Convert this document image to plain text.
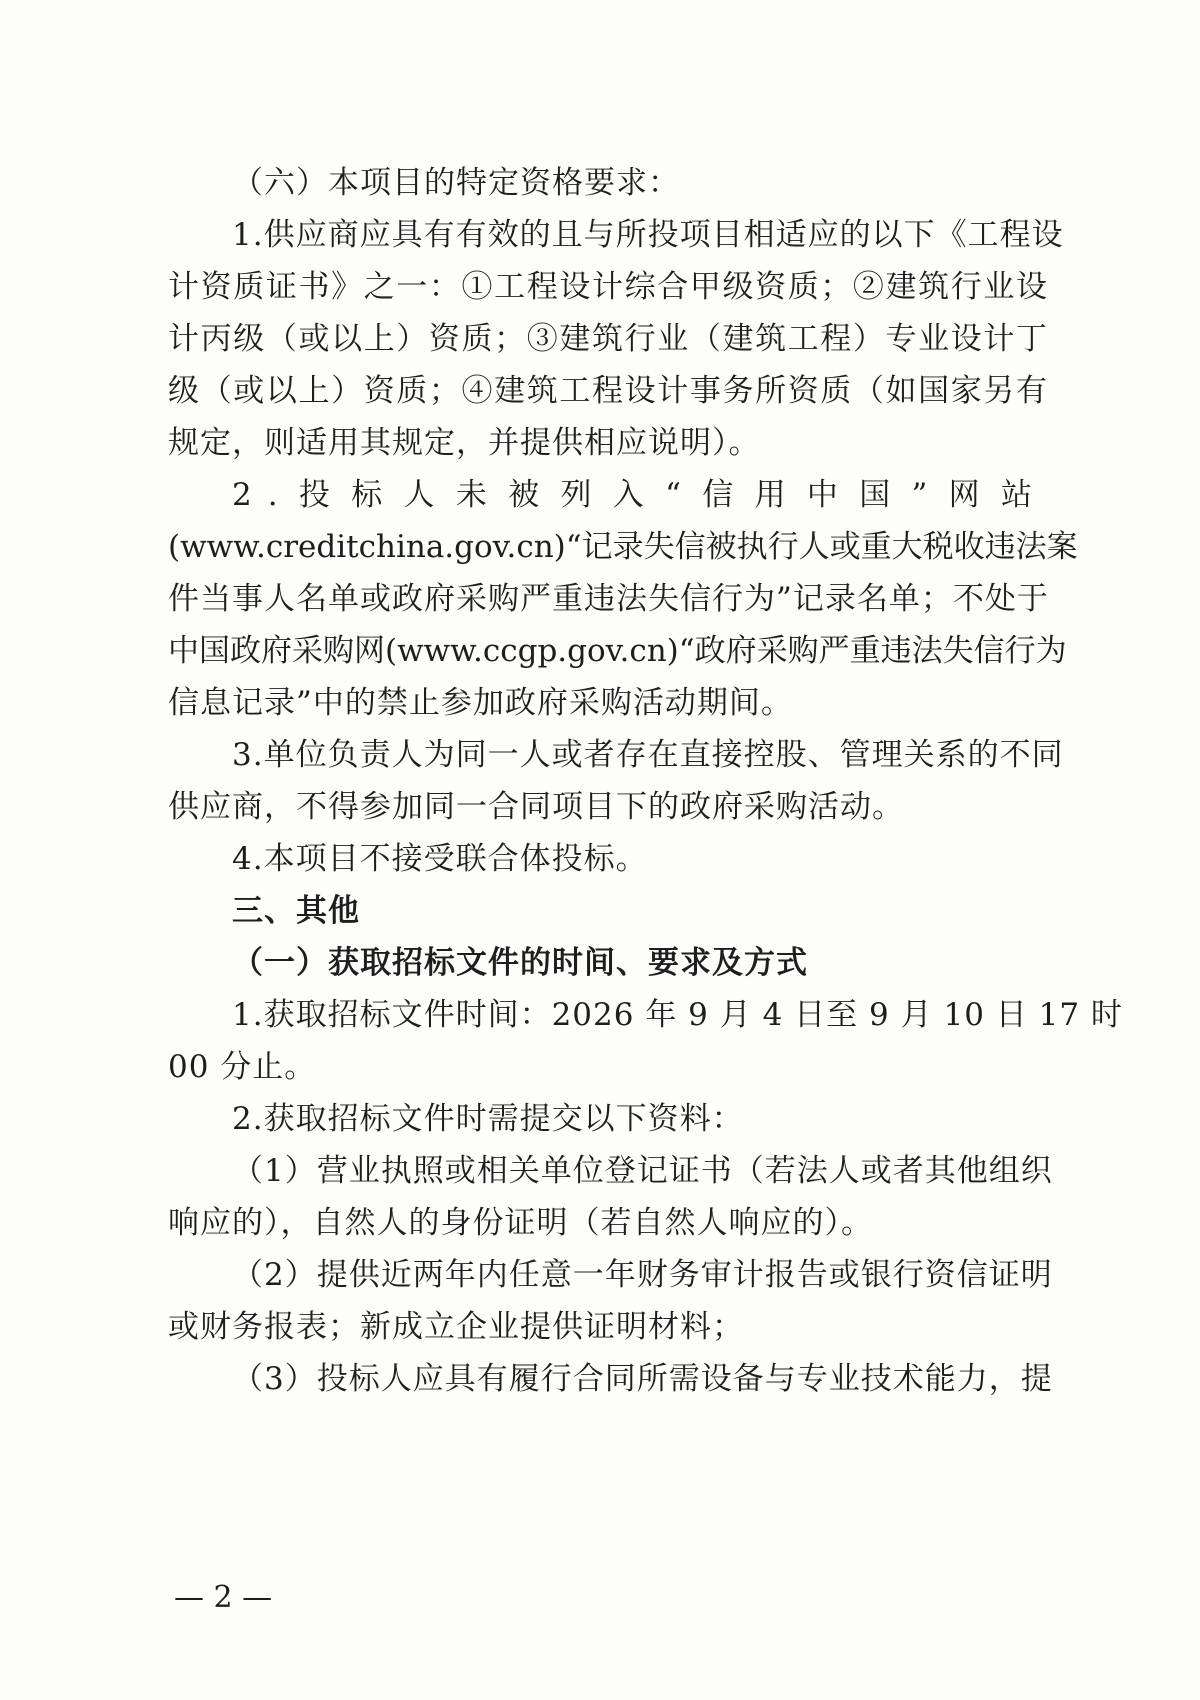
（六）本项目的特定资格要求：
1.供应商应具有有效的且与所投项目相适应的以下《工程设
计资质证书》之一：①工程设计综合甲级资质；②建筑行业设
计丙级（或以上）资质；③建筑行业（建筑工程）专业设计丁
级（或以上）资质；④建筑工程设计事务所资质（如国家另有
规定，则适用其规定，并提供相应说明）。
2.投标人未被列入“信用中国”网站
(www.creditchina.gov.cn)“记录失信被执行人或重大税收违法案
件当事人名单或政府采购严重违法失信行为”记录名单；不处于
中国政府采购网(www.ccgp.gov.cn)“政府采购严重违法失信行为
信息记录”中的禁止参加政府采购活动期间。
3.单位负责人为同一人或者存在直接控股、管理关系的不同
供应商，不得参加同一合同项目下的政府采购活动。
4.本项目不接受联合体投标。
三、其他
（一）获取招标文件的时间、要求及方式
1.获取招标文件时间：2026 年 9 月 4 日至 9 月 10 日 17 时
00 分止。
2.获取招标文件时需提交以下资料：
（1）营业执照或相关单位登记证书（若法人或者其他组织
响应的），自然人的身份证明（若自然人响应的）。
（2）提供近两年内任意一年财务审计报告或银行资信证明
或财务报表；新成立企业提供证明材料；
（3）投标人应具有履行合同所需设备与专业技术能力，提
— 2 —
